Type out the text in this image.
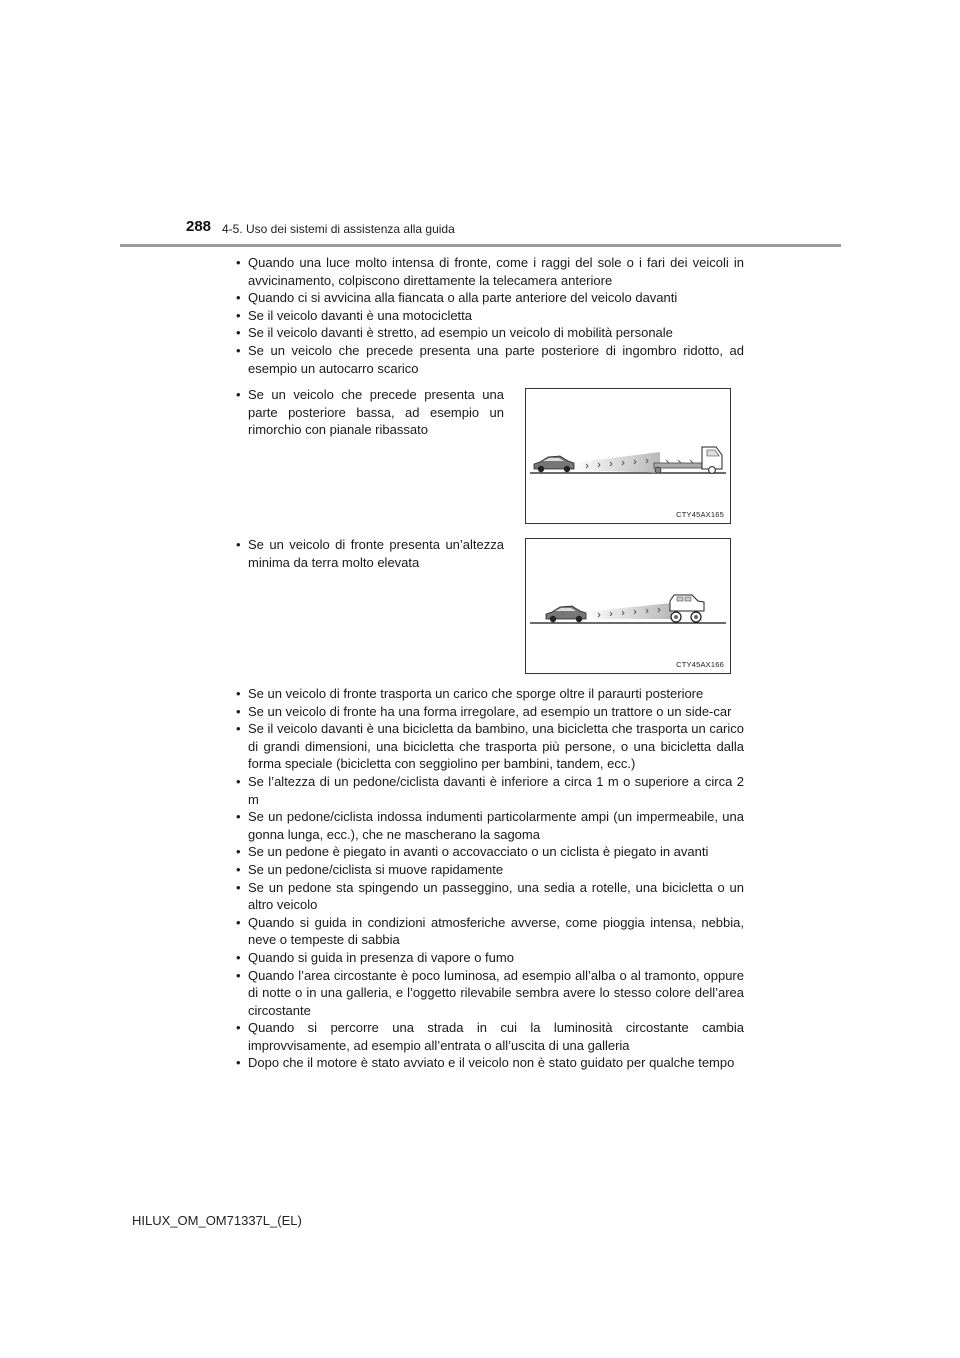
288 4-5. Uso dei sistemi di assistenza alla guida
• Quando una luce molto intensa di fronte, come i raggi del sole o i fari dei veicoli in avvicinamento, colpiscono direttamente la telecamera anteriore
• Quando ci si avvicina alla fiancata o alla parte anteriore del veicolo davanti
• Se il veicolo davanti è una motocicletta
• Se il veicolo davanti è stretto, ad esempio un veicolo di mobilità personale
• Se un veicolo che precede presenta una parte posteriore di ingombro ridotto, ad esempio un autocarro scarico
• Se un veicolo che precede presenta una parte posteriore bassa, ad esempio un rimorchio con pianale ribassato
CTY45AX165
• Se un veicolo di fronte presenta un’altezza minima da terra molto elevata
CTY45AX166
• Se un veicolo di fronte trasporta un carico che sporge oltre il paraurti posteriore
• Se un veicolo di fronte ha una forma irregolare, ad esempio un trattore o un side-car
• Se il veicolo davanti è una bicicletta da bambino, una bicicletta che trasporta un carico di grandi dimensioni, una bicicletta che trasporta più persone, o una bicicletta dalla forma speciale (bicicletta con seggiolino per bambini, tandem, ecc.)
• Se l’altezza di un pedone/ciclista davanti è inferiore a circa 1 m o superiore a circa 2 m
• Se un pedone/ciclista indossa indumenti particolarmente ampi (un impermeabile, una gonna lunga, ecc.), che ne mascherano la sagoma
• Se un pedone è piegato in avanti o accovacciato o un ciclista è piegato in avanti
• Se un pedone/ciclista si muove rapidamente
• Se un pedone sta spingendo un passeggino, una sedia a rotelle, una bicicletta o un altro veicolo
• Quando si guida in condizioni atmosferiche avverse, come pioggia intensa, nebbia, neve o tempeste di sabbia
• Quando si guida in presenza di vapore o fumo
• Quando l’area circostante è poco luminosa, ad esempio all’alba o al tramonto, oppure di notte o in una galleria, e l’oggetto rilevabile sembra avere lo stesso colore dell’area circostante
• Quando si percorre una strada in cui la luminosità circostante cambia improvvisamente, ad esempio all’entrata o all’uscita di una galleria
• Dopo che il motore è stato avviato e il veicolo non è stato guidato per qualche tempo
HILUX_OM_OM71337L_(EL)
